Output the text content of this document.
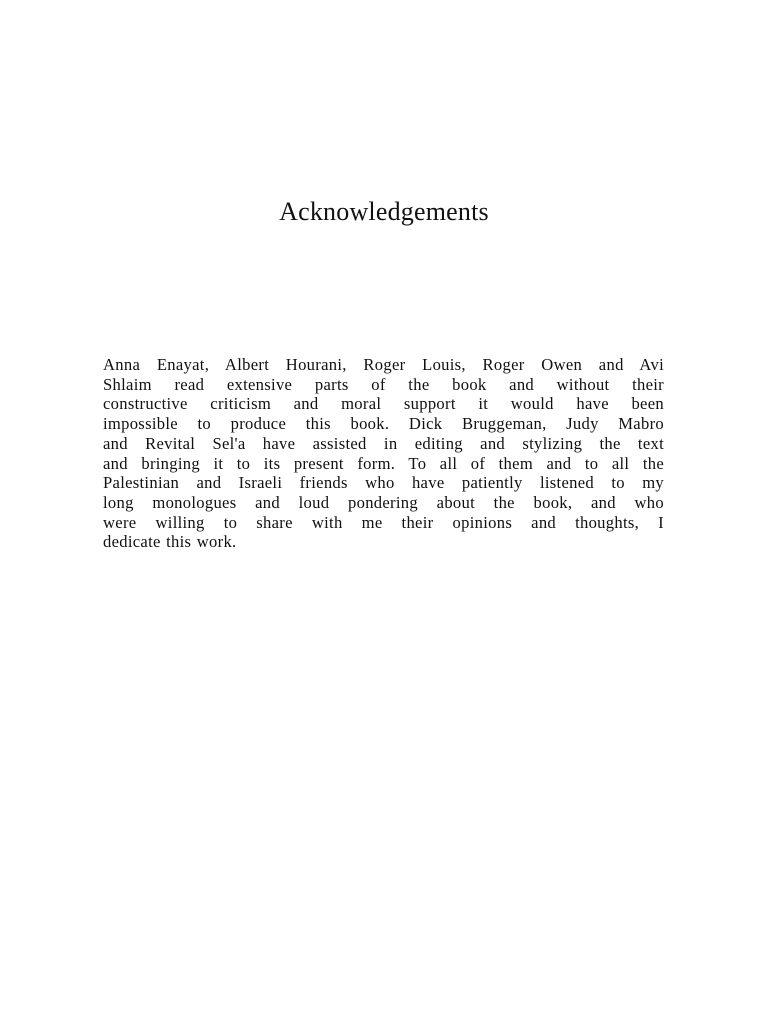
Acknowledgements

Anna Enayat, Albert Hourani, Roger Louis, Roger Owen and Avi
Shlaim read extensive parts of the book and without their
constructive criticism and moral support it would have been
impossible to produce this book. Dick Bruggeman, Judy Mabro
and Revital Sel'a have assisted in editing and stylizing the text
and bringing it to its present form. To all of them and to all the
Palestinian and Israeli friends who have patiently listened to my
long monologues and loud pondering about the book, and who
were willing to share with me their opinions and thoughts, I
dedicate this work.
